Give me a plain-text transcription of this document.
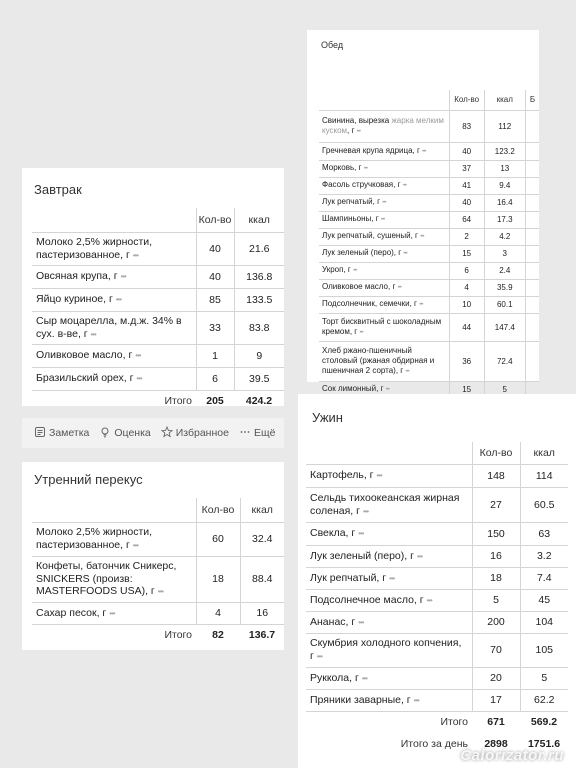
Обед
	Кол-во	ккал	Б
Свинина, вырезка жарка мелким куском, г •••	83	112	
Гречневая крупа ядрица, г •••	40	123.2	
Морковь, г •••	37	13	
Фасоль стручковая, г •••	41	9.4	
Лук репчатый, г •••	40	16.4	
Шампиньоны, г •••	64	17.3	
Лук репчатый, сушеный, г •••	2	4.2	
Лук зеленый (перо), г •••	15	3	
Укроп, г •••	6	2.4	
Оливковое масло, г •••	4	35.9	
Подсолнечник, семечки, г •••	10	60.1	
Торт бисквитный с шоколадным кремом, г •••	44	147.4	
Хлеб ржано-пшеничный столовый (ржаная обдирная и пшеничная 2 сорта), г •••	36	72.4	
Сок лимонный, г •••	15	5	

Завтрак
	Кол-во	ккал
Молоко 2,5% жирности, пастеризованное, г •••	40	21.6
Овсяная крупа, г •••	40	136.8
Яйцо куриное, г •••	85	133.5
Сыр моцарелла, м.д.ж. 34% в сух. в-ве, г •••	33	83.8
Оливковое масло, г •••	1	9
Бразильский орех, г •••	6	39.5
Итого	205	424.2
Заметка Оценка Избранное Ещё
Утренний перекус
	Кол-во	ккал
Молоко 2,5% жирности, пастеризованное, г •••	60	32.4
Конфеты, батончик Сникерс, SNICKERS (произв: MASTERFOODS USA), г •••	18	88.4
Сахар песок, г •••	4	16
Итого	82	136.7
Ужин
	Кол-во	ккал
Картофель, г •••	148	114
Сельдь тихоокеанская жирная соленая, г •••	27	60.5
Свекла, г •••	150	63
Лук зеленый (перо), г •••	16	3.2
Лук репчатый, г •••	18	7.4
Подсолнечное масло, г •••	5	45
Ананас, г •••	200	104
Скумбрия холодного копчения, г •••	70	105
Руккола, г •••	20	5
Пряники заварные, г •••	17	62.2
Итого	671	569.2
Итого за день	2898	1751.6
Calorizator.ru
